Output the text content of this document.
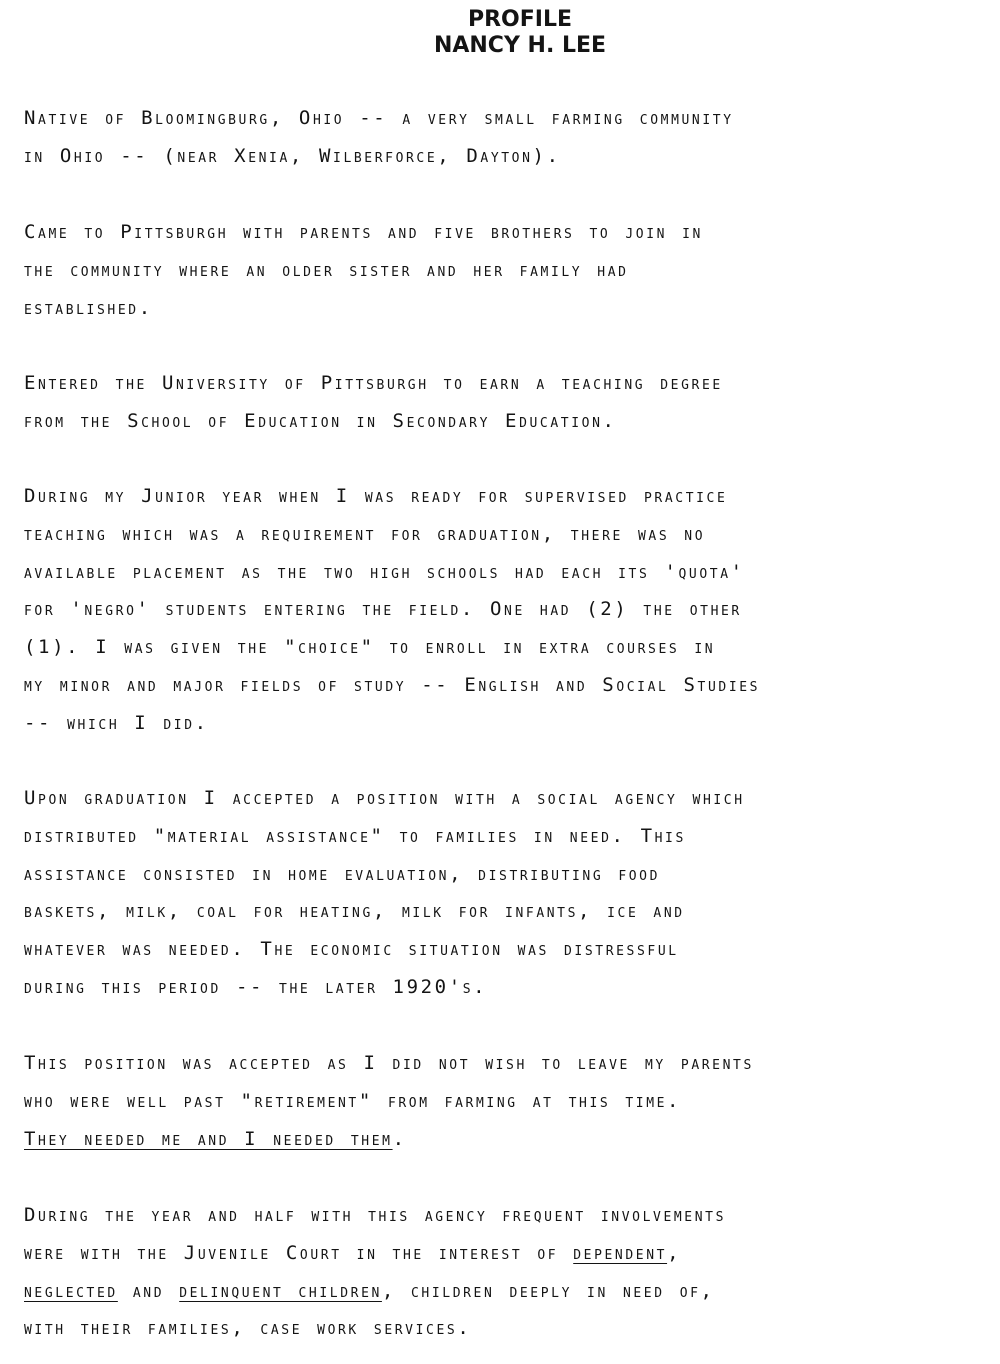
PROFILE
NANCY H. LEE
Native of Bloomingburg, Ohio -- a very small farming community
in Ohio -- (near Xenia, Wilberforce, Dayton).
Came to Pittsburgh with parents and five brothers to join in
the community where an older sister and her family had
established.
Entered the University of Pittsburgh to earn a teaching degree
from the School of Education in Secondary Education.
During my Junior year when I was ready for supervised practice
teaching which was a requirement for graduation, there was no
available placement as the two high schools had each its 'quota'
for 'negro' students entering the field. One had (2) the other
(1). I was given the "choice" to enroll in extra courses in
my minor and major fields of study -- English and Social Studies
-- which I did.
Upon graduation I accepted a position with a social agency which
distributed "material assistance" to families in need. This
assistance consisted in home evaluation, distributing food
baskets, milk, coal for heating, milk for infants, ice and
whatever was needed. The economic situation was distressful
during this period -- the later 1920's.
This position was accepted as I did not wish to leave my parents
who were well past "retirement" from farming at this time.
They needed me and I needed them.
During the year and half with this agency frequent involvements
were with the Juvenile Court in the interest of dependent,
neglected and delinquent children, children deeply in need of,
with their families, case work services.
